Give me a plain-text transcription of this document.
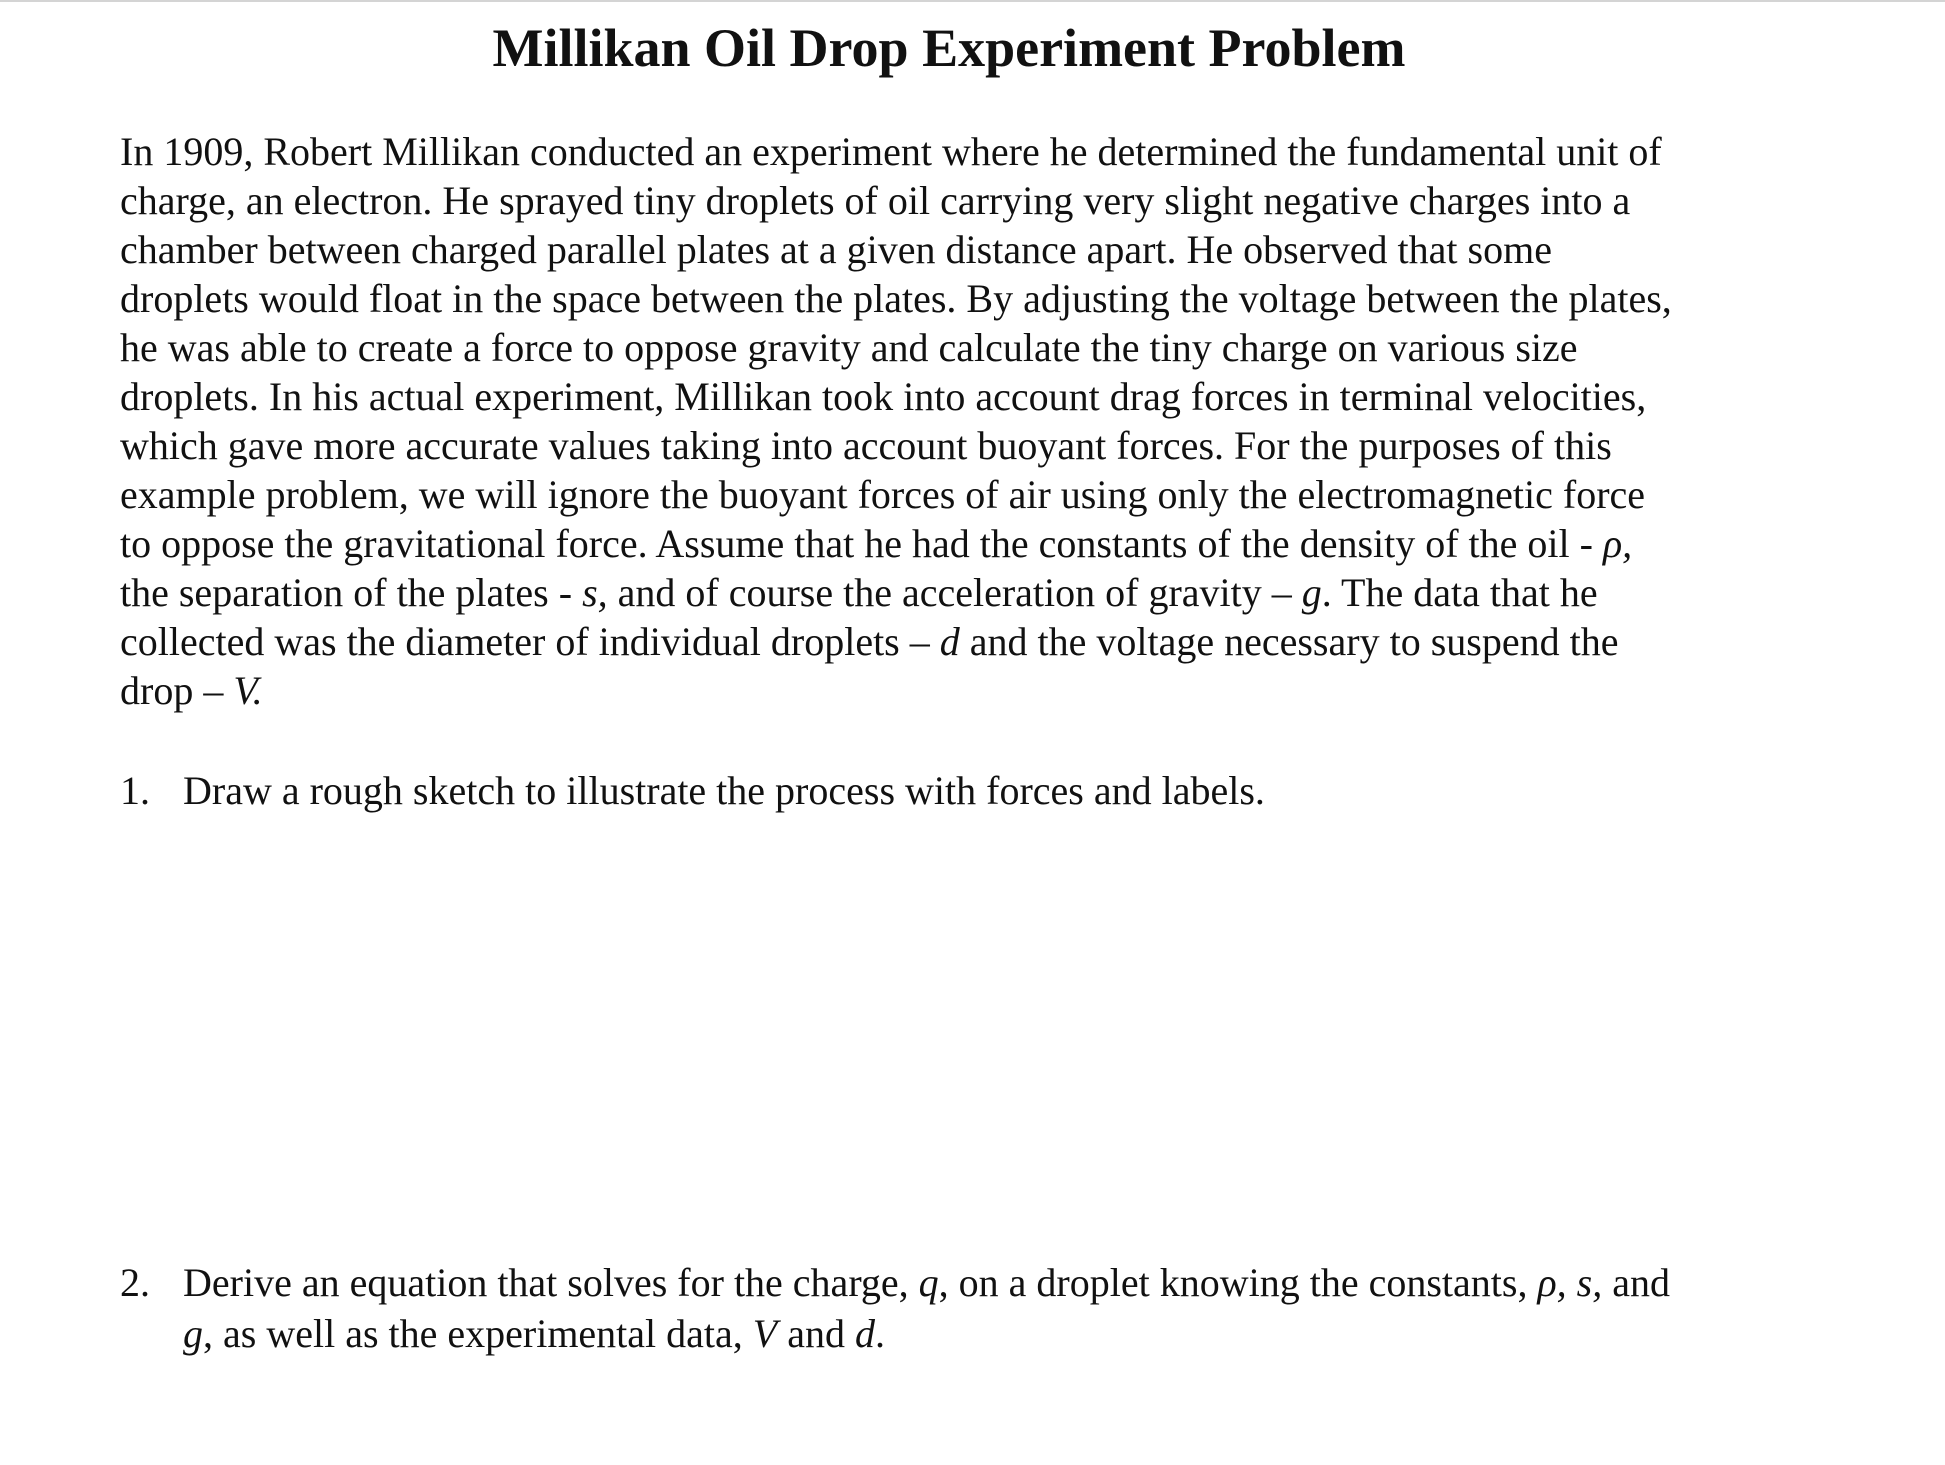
Millikan Oil Drop Experiment Problem
In 1909, Robert Millikan conducted an experiment where he determined the fundamental unit of
charge, an electron. He sprayed tiny droplets of oil carrying very slight negative charges into a
chamber between charged parallel plates at a given distance apart. He observed that some
droplets would float in the space between the plates. By adjusting the voltage between the plates,
he was able to create a force to oppose gravity and calculate the tiny charge on various size
droplets. In his actual experiment, Millikan took into account drag forces in terminal velocities,
which gave more accurate values taking into account buoyant forces. For the purposes of this
example problem, we will ignore the buoyant forces of air using only the electromagnetic force
to oppose the gravitational force. Assume that he had the constants of the density of the oil - ρ,
the separation of the plates - s, and of course the acceleration of gravity – g. The data that he
collected was the diameter of individual droplets – d and the voltage necessary to suspend the
drop – V.
1. Draw a rough sketch to illustrate the process with forces and labels.
2. Derive an equation that solves for the charge, q, on a droplet knowing the constants, ρ, s, and
g, as well as the experimental data, V and d.
